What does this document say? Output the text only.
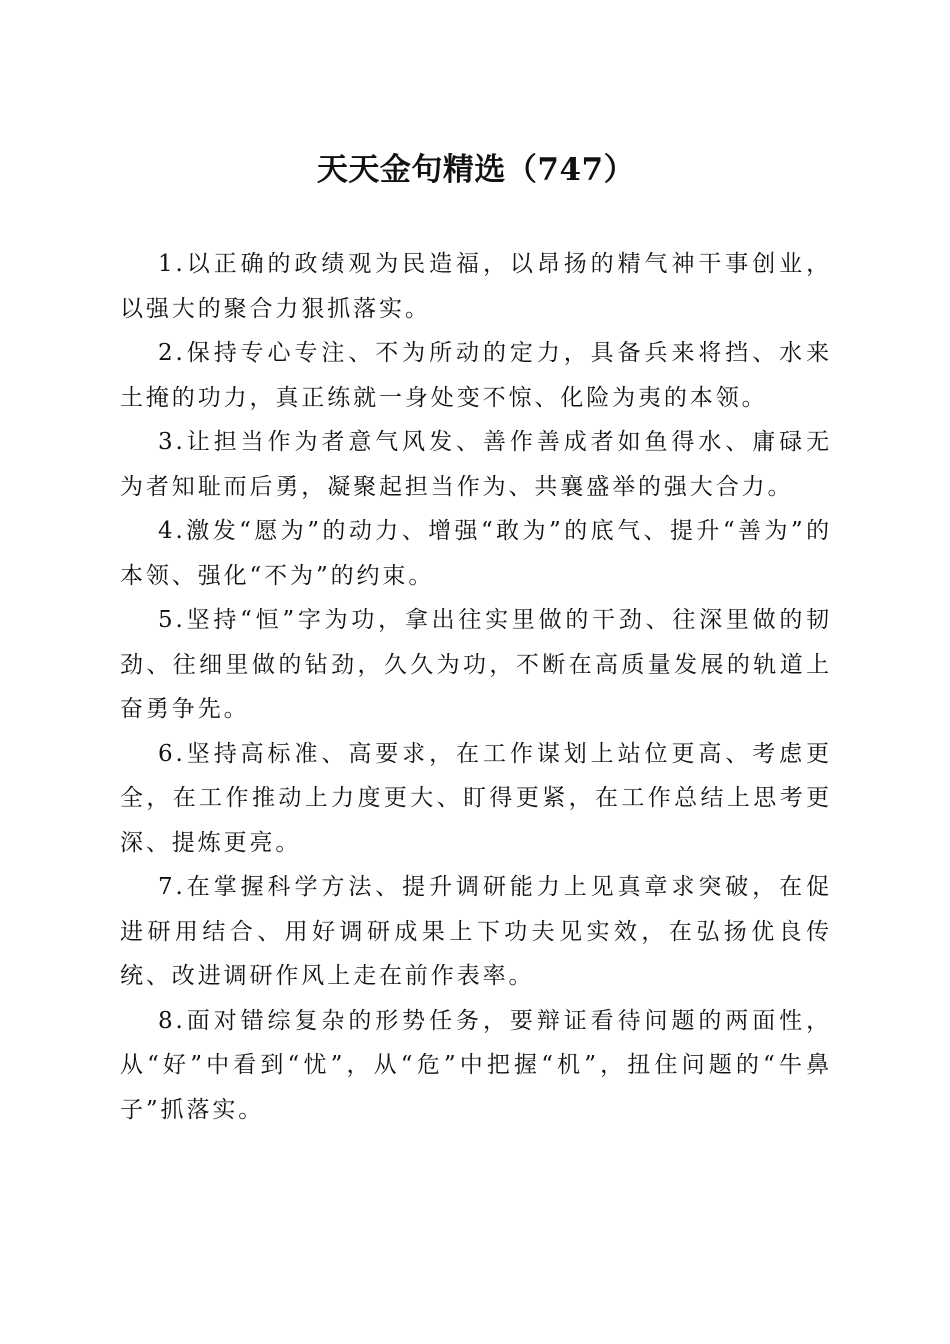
天天金句精选（747）

1.以正确的政绩观为民造福，以昂扬的精气神干事创业，以强大的聚合力狠抓落实。

2.保持专心专注、不为所动的定力，具备兵来将挡、水来土掩的功力，真正练就一身处变不惊、化险为夷的本领。

3.让担当作为者意气风发、善作善成者如鱼得水、庸碌无为者知耻而后勇，凝聚起担当作为、共襄盛举的强大合力。

4.激发“愿为”的动力、增强“敢为”的底气、提升“善为”的本领、强化“不为”的约束。

5.坚持“恒”字为功，拿出往实里做的干劲、往深里做的韧劲、往细里做的钻劲，久久为功，不断在高质量发展的轨道上奋勇争先。

6.坚持高标准、高要求，在工作谋划上站位更高、考虑更全，在工作推动上力度更大、盯得更紧，在工作总结上思考更深、提炼更亮。

7.在掌握科学方法、提升调研能力上见真章求突破，在促进研用结合、用好调研成果上下功夫见实效，在弘扬优良传统、改进调研作风上走在前作表率。

8.面对错综复杂的形势任务，要辩证看待问题的两面性，从“好”中看到“忧”，从“危”中把握“机”，扭住问题的“牛鼻子”抓落实。
